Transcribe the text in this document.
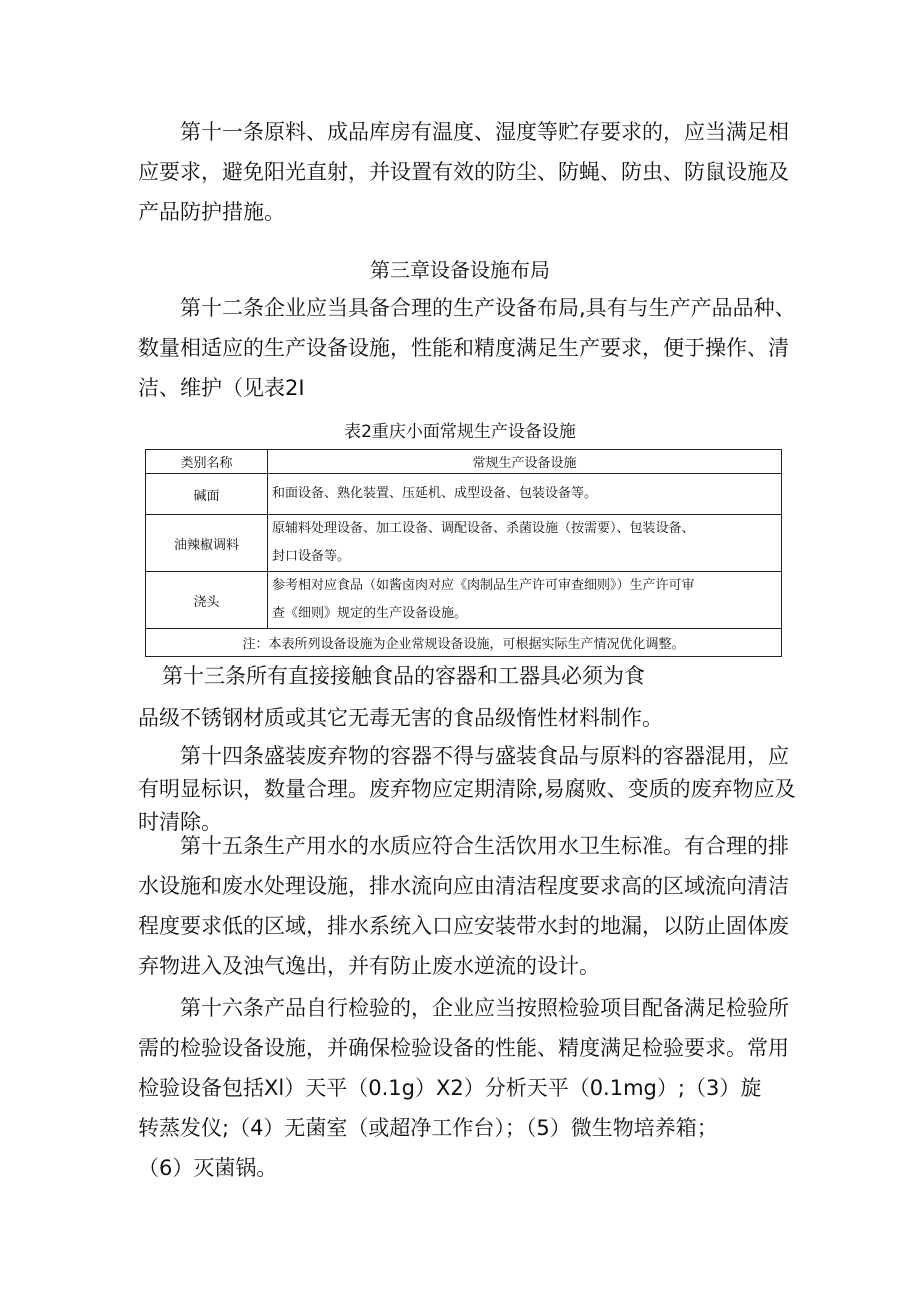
第十一条原料、成品库房有温度、湿度等贮存要求的，应当满足相
应要求，避免阳光直射，并设置有效的防尘、防蝇、防虫、防鼠设施及
产品防护措施。

第三章设备设施布局

第十二条企业应当具备合理的生产设备布局,具有与生产产品品种、
数量相适应的生产设备设施，性能和精度满足生产要求，便于操作、清
洁、维护（见表2I

表2重庆小面常规生产设备设施

类别名称	常规生产设备设施
碱面	和面设备、熟化装置、压延机、成型设备、包装设备等。

油辣椒调料	原辅料处理设备、加工设备、调配设备、杀菌设施（按需要）、包装设备、
封口设备等。

浇头	参考相对应食品（如酱卤肉对应《肉制品生产许可审查细则》）生产许可审
查《细则》规定的生产设备设施。

注：本表所列设备设施为企业常规设备设施，可根据实际生产情况优化调整。	
第十三条所有直接接触食品的容器和工器具必须为食
品级不锈钢材质或其它无毒无害的食品级惰性材料制作。
第十四条盛装废弃物的容器不得与盛装食品与原料的容器混用，应
有明显标识，数量合理。废弃物应定期清除,易腐败、变质的废弃物应及
时清除。
第十五条生产用水的水质应符合生活饮用水卫生标准。有合理的排
水设施和废水处理设施，排水流向应由清洁程度要求高的区域流向清洁
程度要求低的区域，排水系统入口应安装带水封的地漏，以防止固体废
弃物进入及浊气逸出，并有防止废水逆流的设计。
第十六条产品自行检验的，企业应当按照检验项目配备满足检验所
需的检验设备设施，并确保检验设备的性能、精度满足检验要求。常用
检验设备包括Xl）天平（0.1g）X2）分析天平（0.1mg）;（3）旋
转蒸发仪;（4）无菌室（或超净工作台）；（5）微生物培养箱；
（6）灭菌锅。
